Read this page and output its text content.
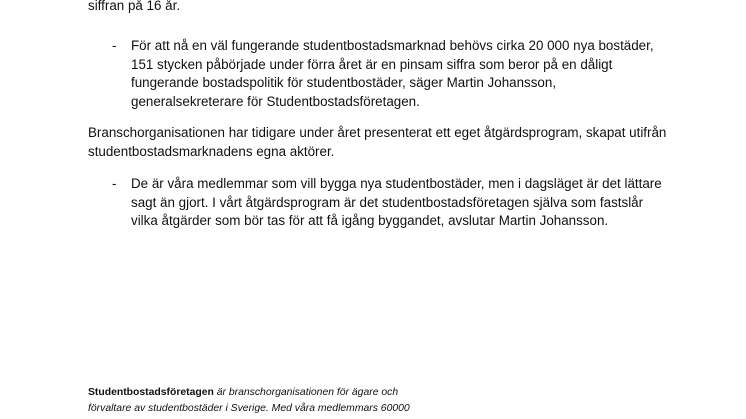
siffran på 16 år.

- För att nå en väl fungerande studentbostadsmarknad behövs cirka 20 000 nya bostäder,
151 stycken påbörjade under förra året är en pinsam siffra som beror på en dåligt
fungerande bostadspolitik för studentbostäder, säger Martin Johansson,
generalsekreterare för Studentbostadsföretagen.

Branschorganisationen har tidigare under året presenterat ett eget åtgärdsprogram, skapat utifrån
studentbostadsmarknadens egna aktörer.

- De är våra medlemmar som vill bygga nya studentbostäder, men i dagsläget är det lättare
sagt än gjort. I vårt åtgärdsprogram är det studentbostadsföretagen själva som fastslår
vilka åtgärder som bör tas för att få igång byggandet, avslutar Martin Johansson.
Studentbostadsföretagen är branschorganisationen för ägare och
förvaltare av studentbostäder i Sverige. Med våra medlemmars 60000
